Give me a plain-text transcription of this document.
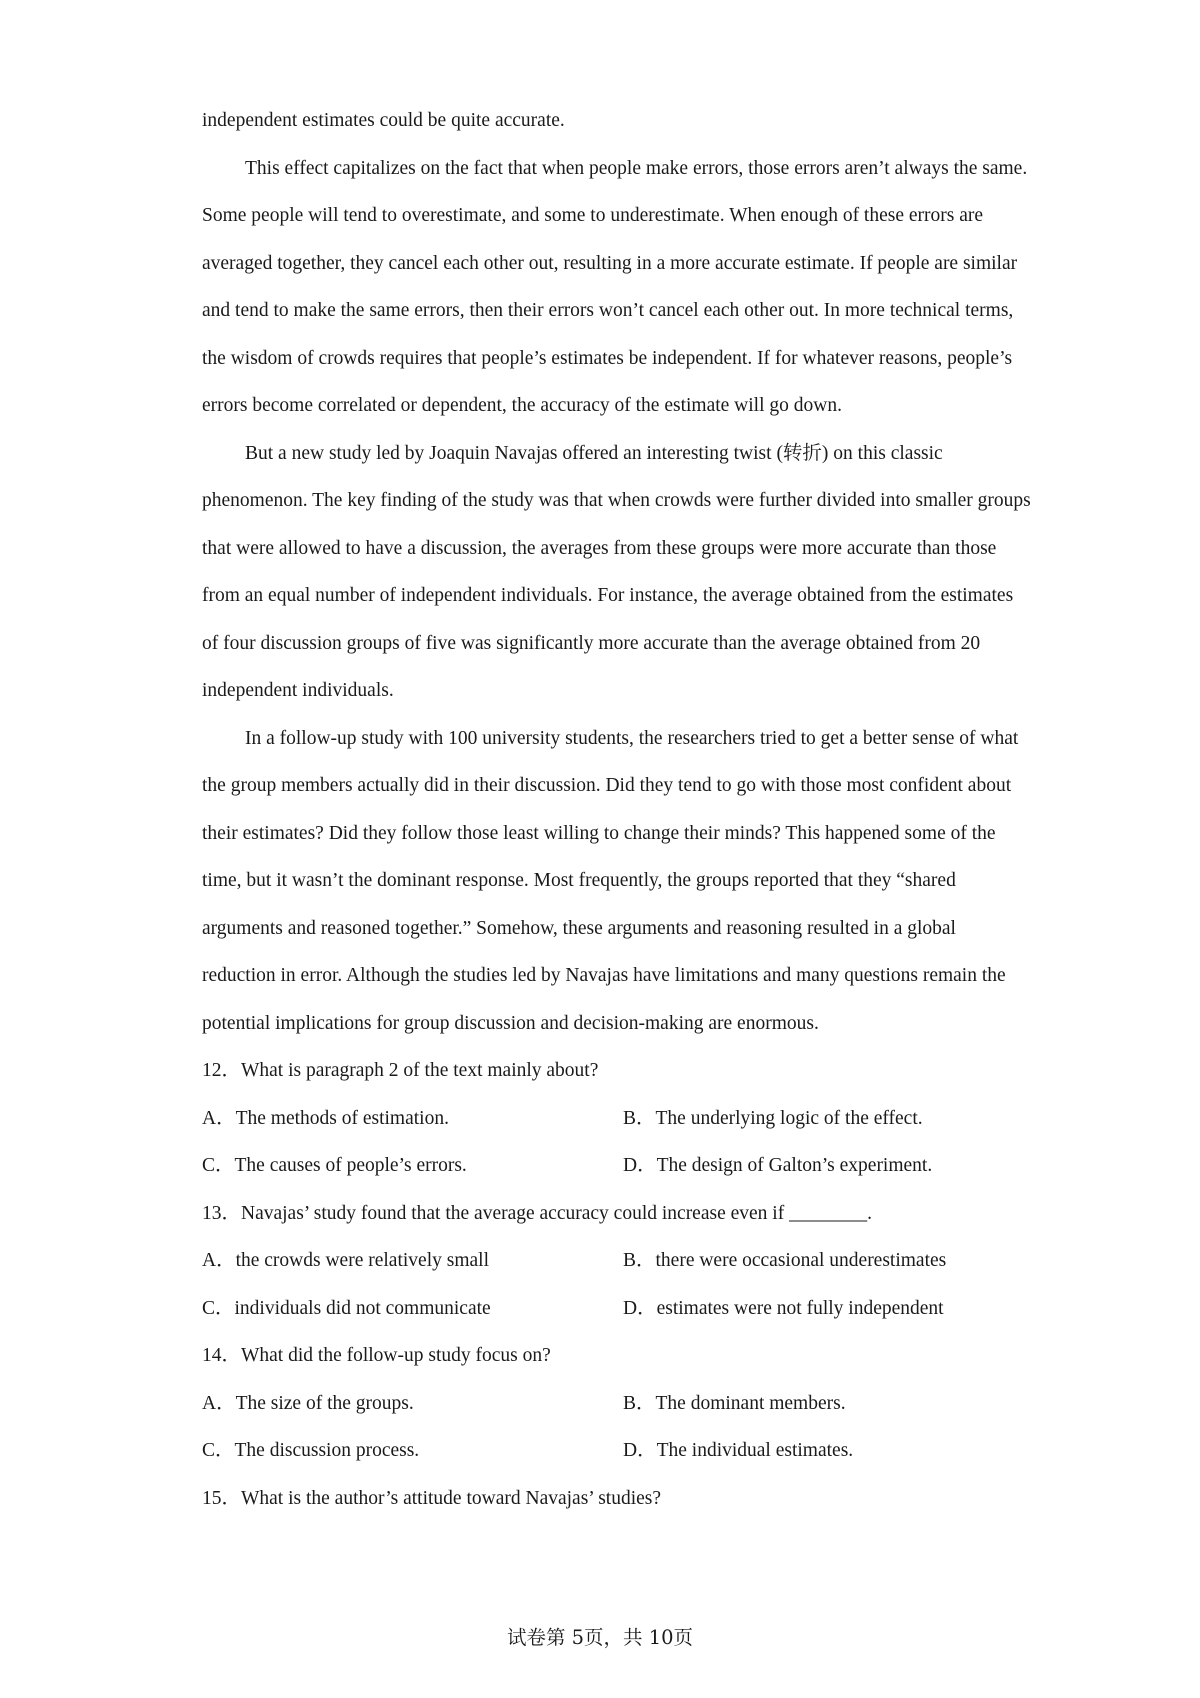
independent estimates could be quite accurate.

This effect capitalizes on the fact that when people make errors, those errors aren’t always the same. Some people will tend to overestimate, and some to underestimate. When enough of these errors are averaged together, they cancel each other out, resulting in a more accurate estimate. If people are similar and tend to make the same errors, then their errors won’t cancel each other out. In more technical terms, the wisdom of crowds requires that people’s estimates be independent. If for whatever reasons, people’s errors become correlated or dependent, the accuracy of the estimate will go down.

But a new study led by Joaquin Navajas offered an interesting twist (转折) on this classic phenomenon. The key finding of the study was that when crowds were further divided into smaller groups that were allowed to have a discussion, the averages from these groups were more accurate than those from an equal number of independent individuals. For instance, the average obtained from the estimates of four discussion groups of five was significantly more accurate than the average obtained from 20 independent individuals.

In a follow-up study with 100 university students, the researchers tried to get a better sense of what the group members actually did in their discussion. Did they tend to go with those most confident about their estimates? Did they follow those least willing to change their minds? This happened some of the time, but it wasn’t the dominant response. Most frequently, the groups reported that they “shared arguments and reasoned together.” Somehow, these arguments and reasoning resulted in a global reduction in error. Although the studies led by Navajas have limitations and many questions remain the potential implications for group discussion and decision-making are enormous.

12．What is paragraph 2 of the text mainly about?

A．The methods of estimation.	B．The underlying logic of the effect.
C．The causes of people’s errors.	D．The design of Galton’s experiment.

13．Navajas’ study found that the average accuracy could increase even if ________.

A．the crowds were relatively small	B．there were occasional underestimates
C．individuals did not communicate	D．estimates were not fully independent

14．What did the follow-up study focus on?

A．The size of the groups.	B．The dominant members.
C．The discussion process.	D．The individual estimates.

15．What is the author’s attitude toward Navajas’ studies?

试卷第 5页，共 10页
